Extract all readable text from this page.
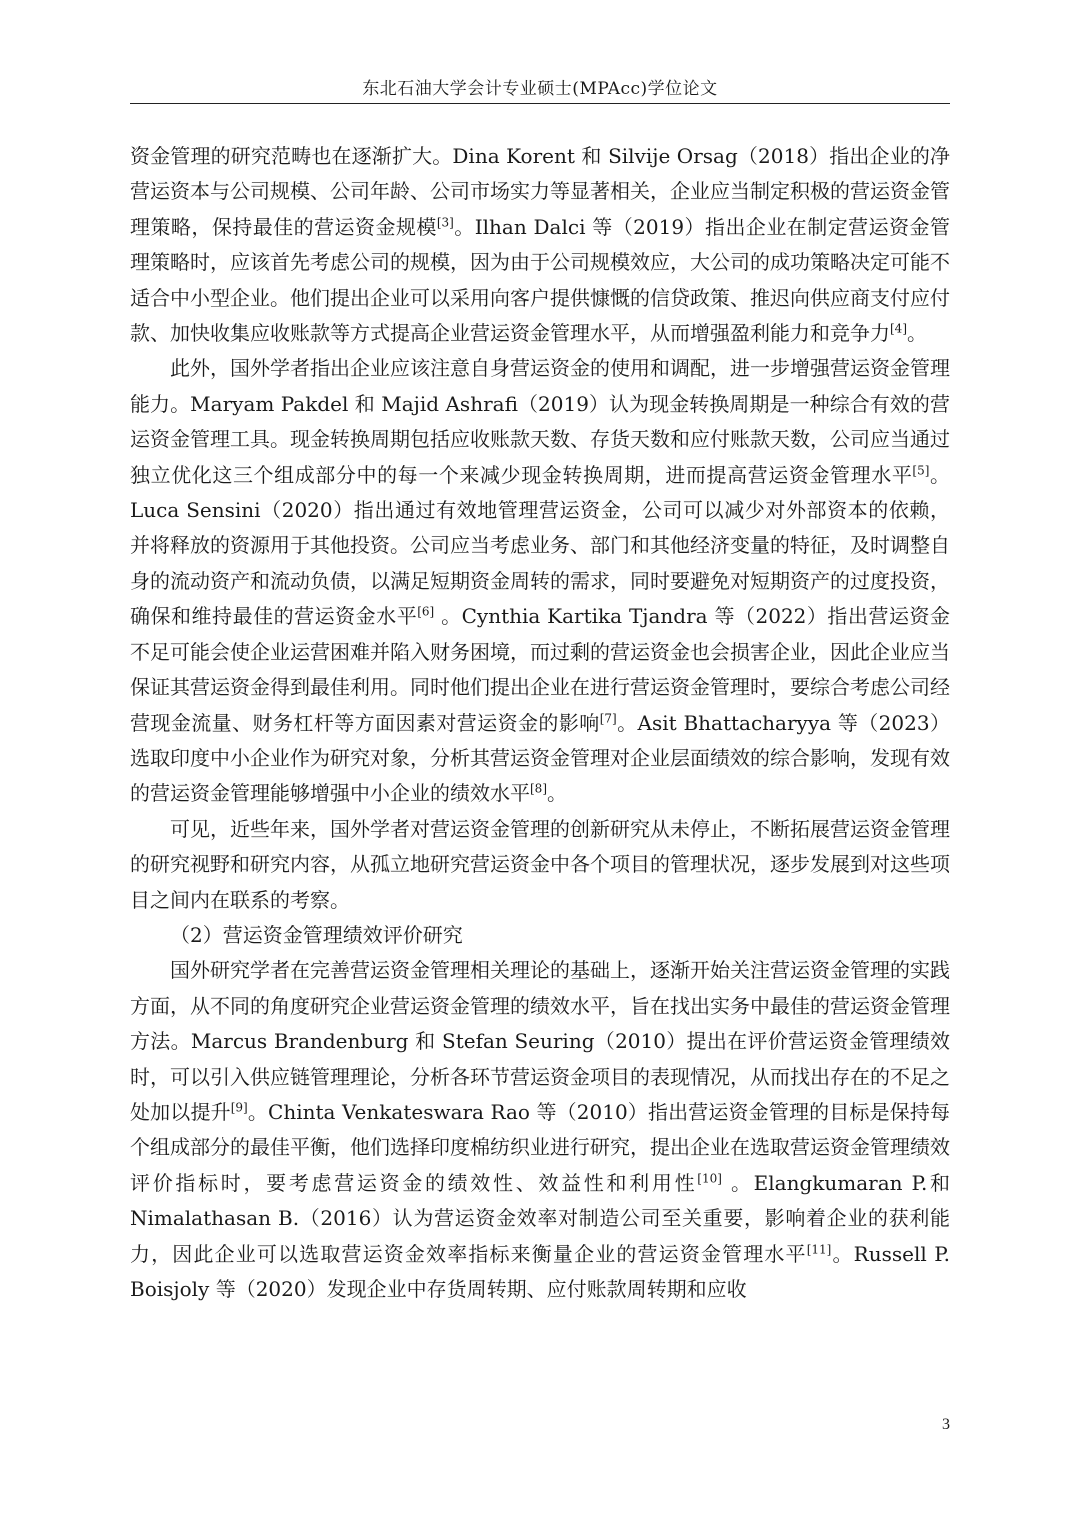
东北石油大学会计专业硕士(MPAcc)学位论文

资金管理的研究范畴也在逐渐扩大。Dina Korent 和 Silvije Orsag（2018）指出企业的净营运资本与公司规模、公司年龄、公司市场实力等显著相关，企业应当制定积极的营运资金管理策略，保持最佳的营运资金规模[3]。Ilhan Dalci 等（2019）指出企业在制定营运资金管理策略时，应该首先考虑公司的规模，因为由于公司规模效应，大公司的成功策略决定可能不适合中小型企业。他们提出企业可以采用向客户提供慷慨的信贷政策、推迟向供应商支付应付款、加快收集应收账款等方式提高企业营运资金管理水平，从而增强盈利能力和竞争力[4]。

此外，国外学者指出企业应该注意自身营运资金的使用和调配，进一步增强营运资金管理能力。Maryam Pakdel 和 Majid Ashrafi（2019）认为现金转换周期是一种综合有效的营运资金管理工具。现金转换周期包括应收账款天数、存货天数和应付账款天数，公司应当通过独立优化这三个组成部分中的每一个来减少现金转换周期，进而提高营运资金管理水平[5]。Luca Sensini（2020）指出通过有效地管理营运资金，公司可以减少对外部资本的依赖，并将释放的资源用于其他投资。公司应当考虑业务、部门和其他经济变量的特征，及时调整自身的流动资产和流动负债，以满足短期资金周转的需求，同时要避免对短期资产的过度投资，确保和维持最佳的营运资金水平[6] 。Cynthia Kartika Tjandra 等（2022）指出营运资金不足可能会使企业运营困难并陷入财务困境，而过剩的营运资金也会损害企业，因此企业应当保证其营运资金得到最佳利用。同时他们提出企业在进行营运资金管理时，要综合考虑公司经营现金流量、财务杠杆等方面因素对营运资金的影响[7]。Asit Bhattacharyya 等（2023）选取印度中小企业作为研究对象，分析其营运资金管理对企业层面绩效的综合影响，发现有效的营运资金管理能够增强中小企业的绩效水平[8]。

可见，近些年来，国外学者对营运资金管理的创新研究从未停止，不断拓展营运资金管理的研究视野和研究内容，从孤立地研究营运资金中各个项目的管理状况，逐步发展到对这些项目之间内在联系的考察。

（2）营运资金管理绩效评价研究

国外研究学者在完善营运资金管理相关理论的基础上，逐渐开始关注营运资金管理的实践方面，从不同的角度研究企业营运资金管理的绩效水平，旨在找出实务中最佳的营运资金管理方法。Marcus Brandenburg 和 Stefan Seuring（2010）提出在评价营运资金管理绩效时，可以引入供应链管理理论，分析各环节营运资金项目的表现情况，从而找出存在的不足之处加以提升[9]。Chinta Venkateswara Rao 等（2010）指出营运资金管理的目标是保持每个组成部分的最佳平衡，他们选择印度棉纺织业进行研究，提出企业在选取营运资金管理绩效评价指标时，要考虑营运资金的绩效性、效益性和利用性[10] 。Elangkumaran P.和 Nimalathasan B.（2016）认为营运资金效率对制造公司至关重要，影响着企业的获利能力，因此企业可以选取营运资金效率指标来衡量企业的营运资金管理水平[11]。Russell P. Boisjoly 等（2020）发现企业中存货周转期、应付账款周转期和应收

3
